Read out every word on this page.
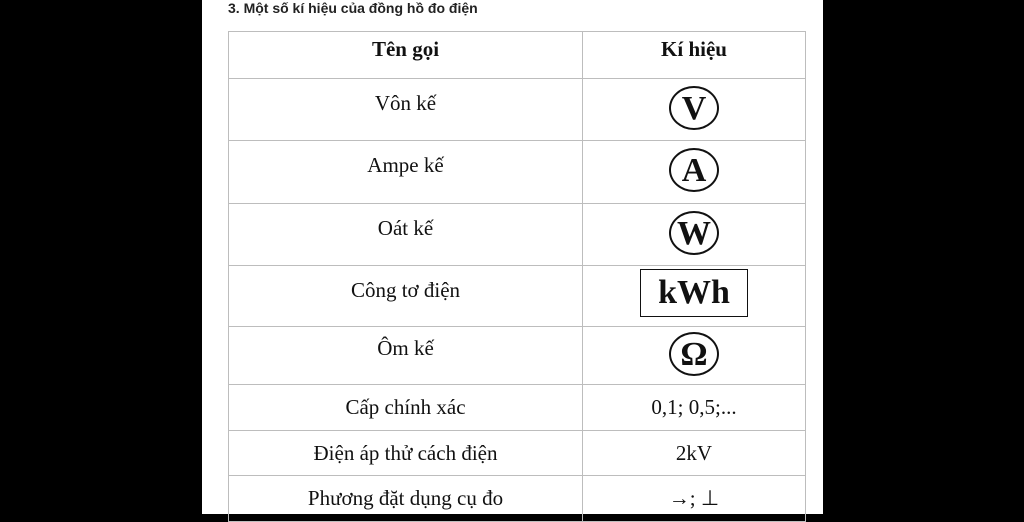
3. Một số kí hiệu của đồng hồ đo điện
Tên gọi	Kí hiệu
Vôn kế	V
Ampe kế	A
Oát kế	W
Công tơ điện	kWh
Ôm kế	Ω
Cấp chính xác	0,1; 0,5;...
Điện áp thử cách điện	2kV
Phương đặt dụng cụ đo	→; ⊥
